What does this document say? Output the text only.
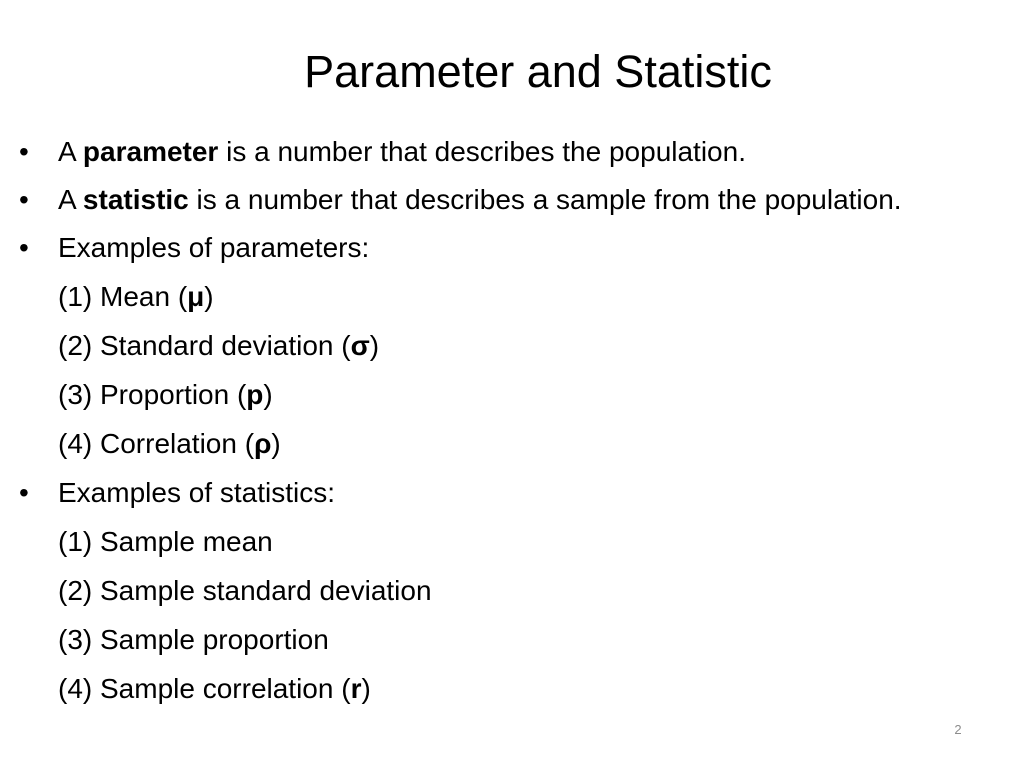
Parameter and Statistic
• A parameter is a number that describes the population.
• A statistic is a number that describes a sample from the population.
• Examples of parameters:
(1) Mean (μ)
(2) Standard deviation (σ)
(3) Proportion (p)
(4) Correlation (ρ)
• Examples of statistics:
(1) Sample mean
(2) Sample standard deviation
(3) Sample proportion
(4) Sample correlation (r)
2
